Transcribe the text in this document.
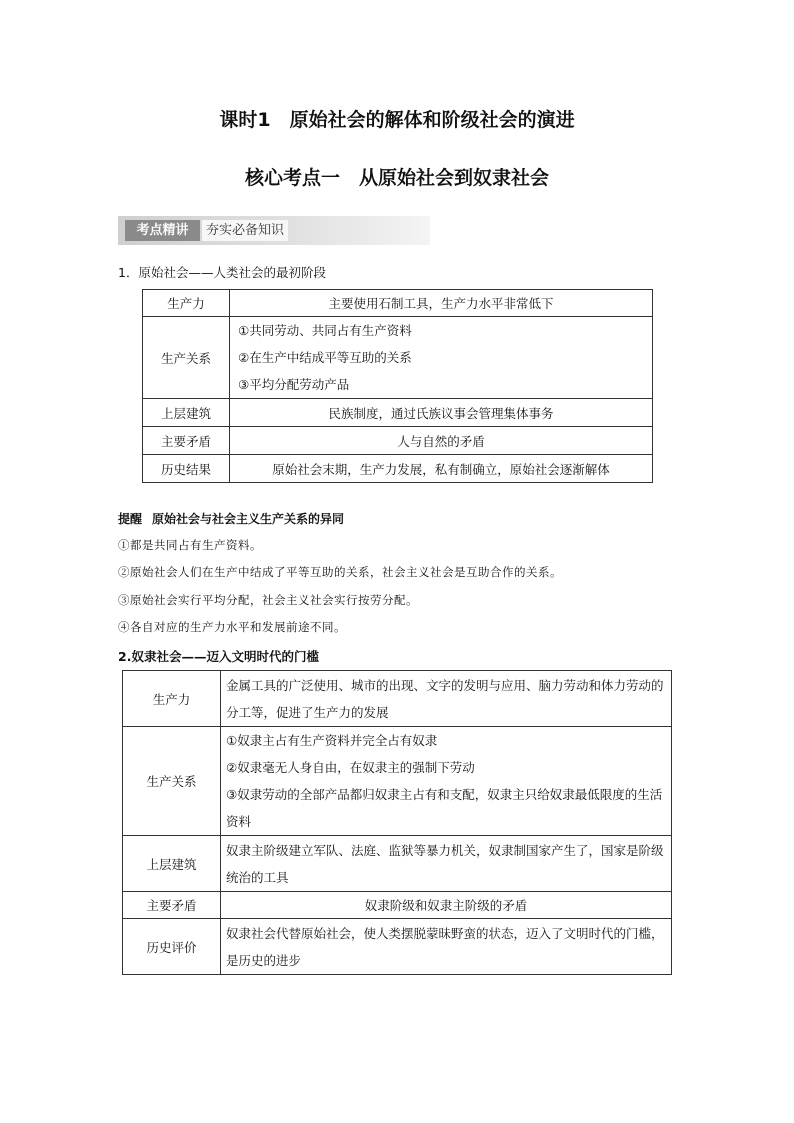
课时1　原始社会的解体和阶级社会的演进
核心考点一　从原始社会到奴隶社会
考点精讲	夯实必备知识
1．原始社会——人类社会的最初阶段
生产力	主要使用石制工具，生产力水平非常低下
生产关系	①共同劳动、共同占有生产资料
②在生产中结成平等互助的关系
③平均分配劳动产品

上层建筑	民族制度，通过氏族议事会管理集体事务
主要矛盾	人与自然的矛盾
历史结果	原始社会末期，生产力发展，私有制确立，原始社会逐渐解体
提醒 原始社会与社会主义生产关系的异同
①都是共同占有生产资料。
②原始社会人们在生产中结成了平等互助的关系，社会主义社会是互助合作的关系。
③原始社会实行平均分配，社会主义社会实行按劳分配。
④各自对应的生产力水平和发展前途不同。
2.奴隶社会——迈入文明时代的门槛
生产力	金属工具的广泛使用、城市的出现、文字的发明与应用、脑力劳动和体力劳动的分工等，促进了生产力的发展
生产关系	①奴隶主占有生产资料并完全占有奴隶
②奴隶毫无人身自由，在奴隶主的强制下劳动
③奴隶劳动的全部产品都归奴隶主占有和支配，奴隶主只给奴隶最低限度的生活资料

上层建筑	奴隶主阶级建立军队、法庭、监狱等暴力机关，奴隶制国家产生了，国家是阶级统治的工具
主要矛盾	奴隶阶级和奴隶主阶级的矛盾
历史评价	奴隶社会代替原始社会，使人类摆脱蒙昧野蛮的状态，迈入了文明时代的门槛，是历史的进步
